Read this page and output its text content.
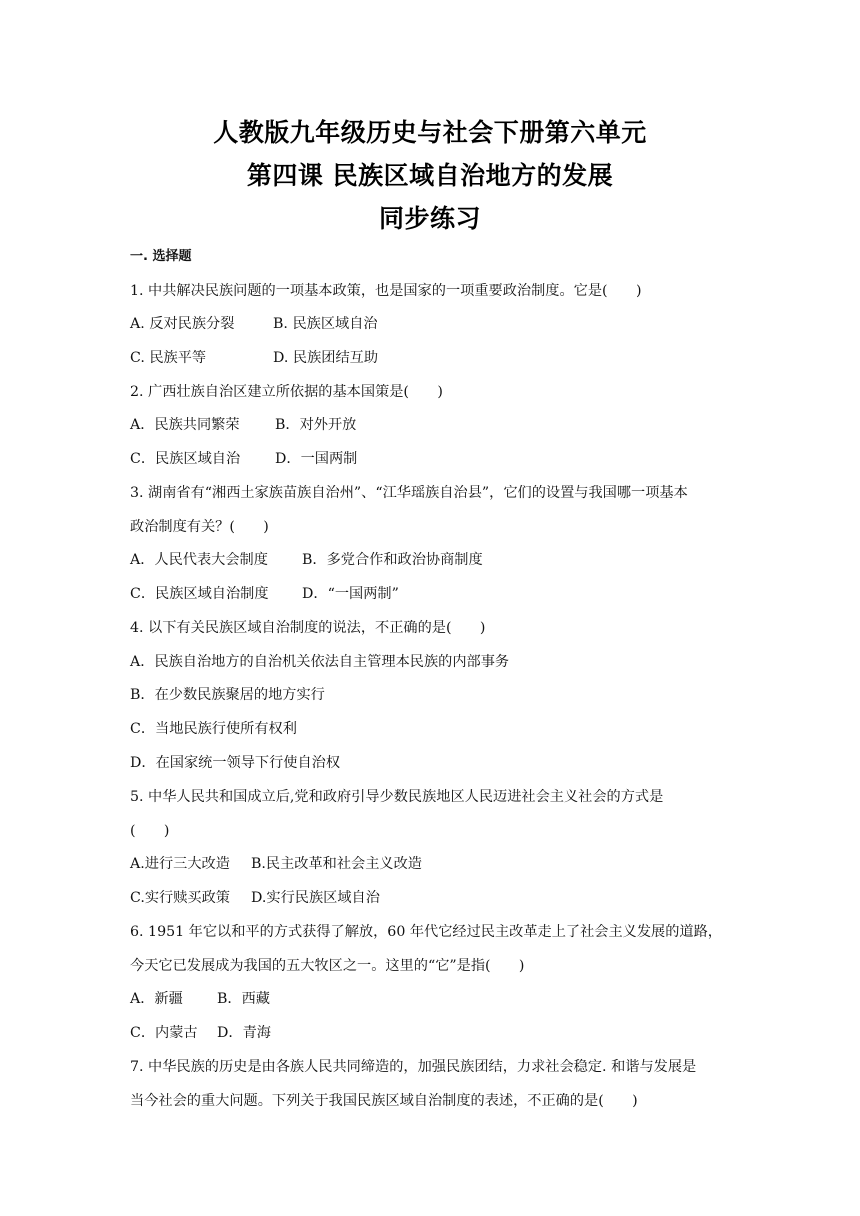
人教版九年级历史与社会下册第六单元
第四课 民族区域自治地方的发展
同步练习
一. 选择题
1. 中共解决民族问题的一项基本政策，也是国家的一项重要政治制度。它是(　　)
A. 反对民族分裂	B. 民族区域自治
C. 民族平等	D. 民族团结互助
2. 广西壮族自治区建立所依据的基本国策是(　　)
A．民族共同繁荣 B．对外开放
C．民族区域自治 D．一国两制
3. 湖南省有“湘西土家族苗族自治州”、“江华瑶族自治县”，它们的设置与我国哪一项基本
政治制度有关？(　　)
A．人民代表大会制度 B．多党合作和政治协商制度
C．民族区域自治制度 D．“一国两制”
4. 以下有关民族区域自治制度的说法，不正确的是(　　)
A．民族自治地方的自治机关依法自主管理本民族的内部事务
B．在少数民族聚居的地方实行
C．当地民族行使所有权利
D．在国家统一领导下行使自治权
5. 中华人民共和国成立后,党和政府引导少数民族地区人民迈进社会主义社会的方式是
(　　)
A.进行三大改造 B.民主改革和社会主义改造
C.实行赎买政策 D.实行民族区域自治
6. 1951 年它以和平的方式获得了解放，60 年代它经过民主改革走上了社会主义发展的道路，
今天它已发展成为我国的五大牧区之一。这里的“它”是指(　　)
A．新疆 B．西藏
C．内蒙古 D．青海
7. 中华民族的历史是由各族人民共同缔造的，加强民族团结，力求社会稳定. 和谐与发展是
当今社会的重大问题。下列关于我国民族区域自治制度的表述，不正确的是(　　)
